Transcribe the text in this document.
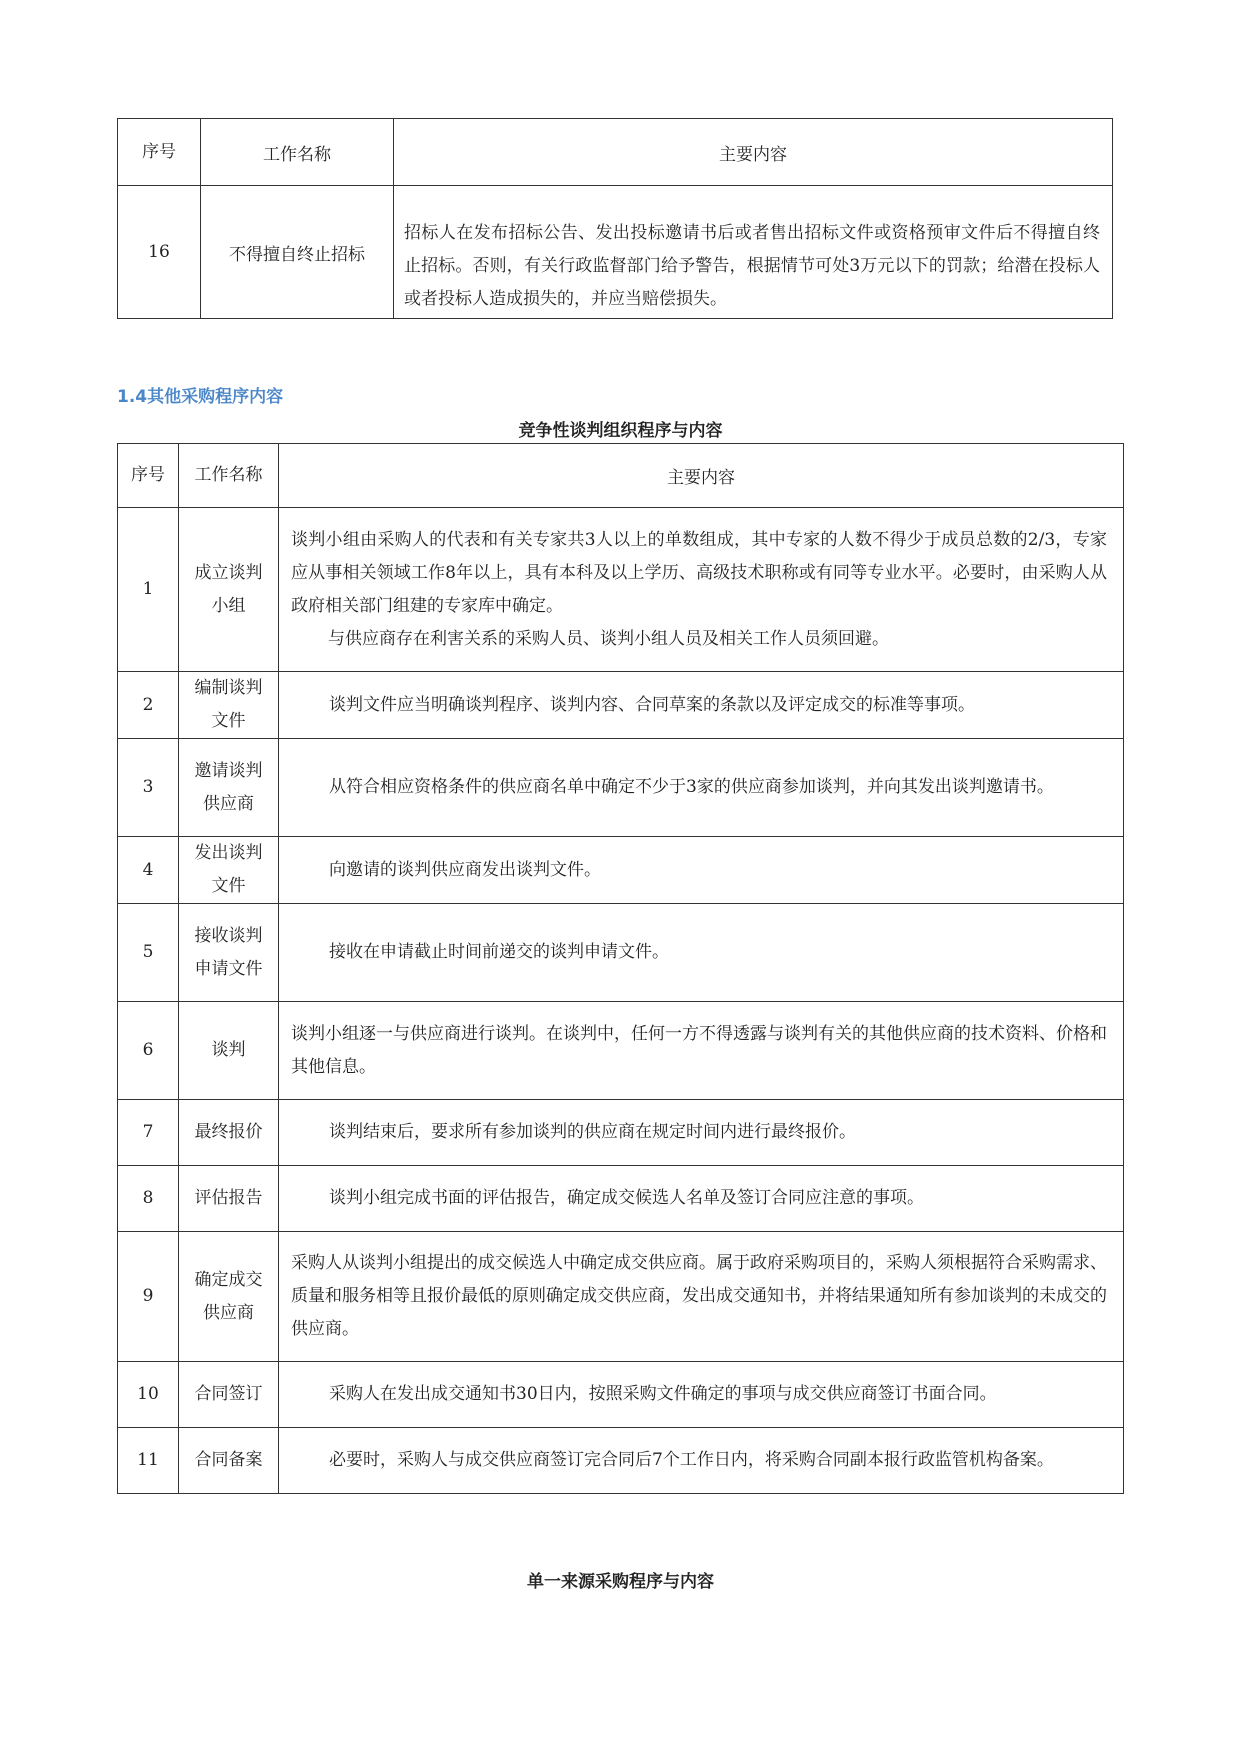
序号	工作名称	主要内容
16	不得擅自终止招标	招标人在发布招标公告、发出投标邀请书后或者售出招标文件或资格预审文件后不得擅自终止招标。否则，有关行政监督部门给予警告，根据情节可处3万元以下的罚款；给潜在投标人或者投标人造成损失的，并应当赔偿损失。
1.4其他采购程序内容
竞争性谈判组织程序与内容
序号	工作名称	主要内容
1	成立谈判小组	谈判小组由采购人的代表和有关专家共3人以上的单数组成，其中专家的人数不得少于成员总数的2/3，专家应从事相关领域工作8年以上，具有本科及以上学历、高级技术职称或有同等专业水平。必要时，由采购人从政府相关部门组建的专家库中确定。

与供应商存在利害关系的采购人员、谈判小组人员及相关工作人员须回避。

2	编制谈判文件	谈判文件应当明确谈判程序、谈判内容、合同草案的条款以及评定成交的标准等事项。
3	邀请谈判供应商	从符合相应资格条件的供应商名单中确定不少于3家的供应商参加谈判，并向其发出谈判邀请书。
4	发出谈判文件	向邀请的谈判供应商发出谈判文件。
5	接收谈判申请文件	接收在申请截止时间前递交的谈判申请文件。
6	谈判	谈判小组逐一与供应商进行谈判。在谈判中，任何一方不得透露与谈判有关的其他供应商的技术资料、价格和其他信息。
7	最终报价	谈判结束后，要求所有参加谈判的供应商在规定时间内进行最终报价。
8	评估报告	谈判小组完成书面的评估报告，确定成交候选人名单及签订合同应注意的事项。
9	确定成交供应商	采购人从谈判小组提出的成交候选人中确定成交供应商。属于政府采购项目的，采购人须根据符合采购需求、质量和服务相等且报价最低的原则确定成交供应商，发出成交通知书，并将结果通知所有参加谈判的未成交的供应商。
10	合同签订	采购人在发出成交通知书30日内，按照采购文件确定的事项与成交供应商签订书面合同。
11	合同备案	必要时，采购人与成交供应商签订完合同后7个工作日内，将采购合同副本报行政监管机构备案。
单一来源采购程序与内容
